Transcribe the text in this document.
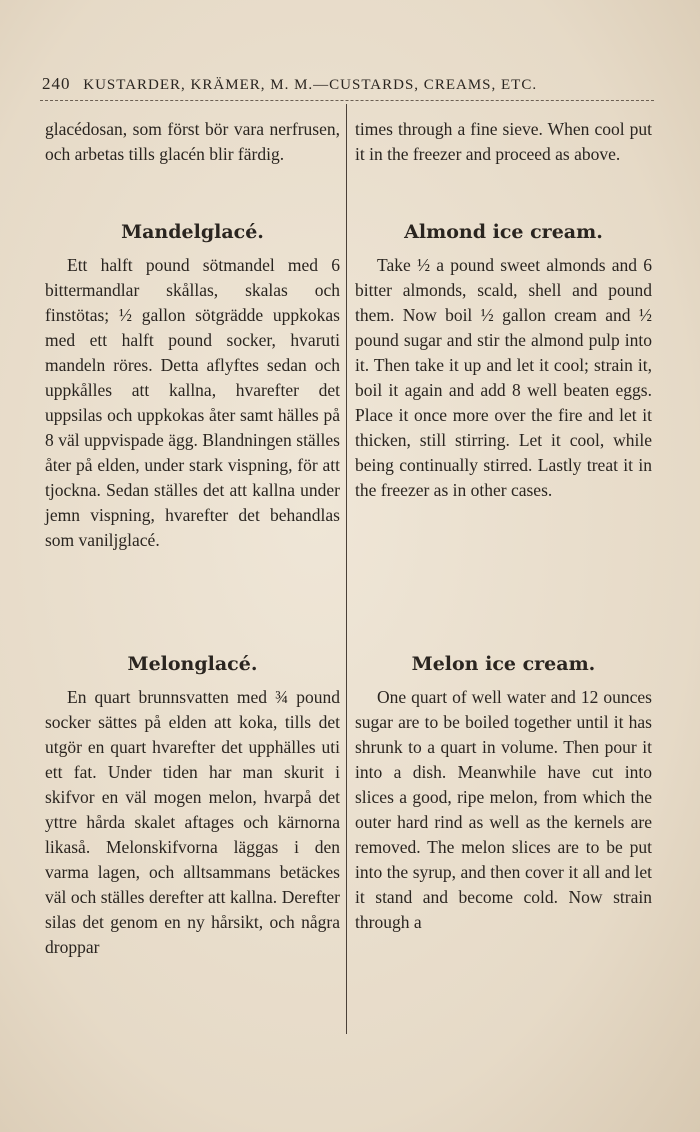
240 KUSTARDER, KRÄMER, M. M.—CUSTARDS, CREAMS, ETC.

glacédosan, som först bör vara nerfrusen, och arbetas tills glacén blir färdig.

Mandelglacé.

Ett halft pound sötmandel med 6 bittermandlar skållas, skalas och finstötas; ½ gallon sötgrädde uppkokas med ett halft pound socker, hvaruti mandeln röres. Detta aflyftes sedan och uppkålles att kallna, hvarefter det uppsilas och uppkokas åter samt hälles på 8 väl uppvispade ägg. Blandningen ställes åter på elden, under stark vispning, för att tjockna. Sedan ställes det att kallna under jemn vispning, hvarefter det behandlas som vaniljglacé.

Melonglacé.

En quart brunnsvatten med ¾ pound socker sättes på elden att koka, tills det utgör en quart hvarefter det upphälles uti ett fat. Under tiden har man skurit i skifvor en väl mogen melon, hvarpå det yttre hårda skalet aftages och kärnorna likaså. Melonskifvorna läggas i den varma lagen, och alltsammans betäckes väl och ställes derefter att kallna. Derefter silas det genom en ny hårsikt, och några droppar

times through a fine sieve. When cool put it in the freezer and proceed as above.

Almond ice cream.

Take ½ a pound sweet almonds and 6 bitter almonds, scald, shell and pound them. Now boil ½ gallon cream and ½ pound sugar and stir the almond pulp into it. Then take it up and let it cool; strain it, boil it again and add 8 well beaten eggs. Place it once more over the fire and let it thicken, still stirring. Let it cool, while being continually stirred. Lastly treat it in the freezer as in other cases.

Melon ice cream.

One quart of well water and 12 ounces sugar are to be boiled together until it has shrunk to a quart in volume. Then pour it into a dish. Meanwhile have cut into slices a good, ripe melon, from which the outer hard rind as well as the kernels are removed. The melon slices are to be put into the syrup, and then cover it all and let it stand and become cold. Now strain through a
